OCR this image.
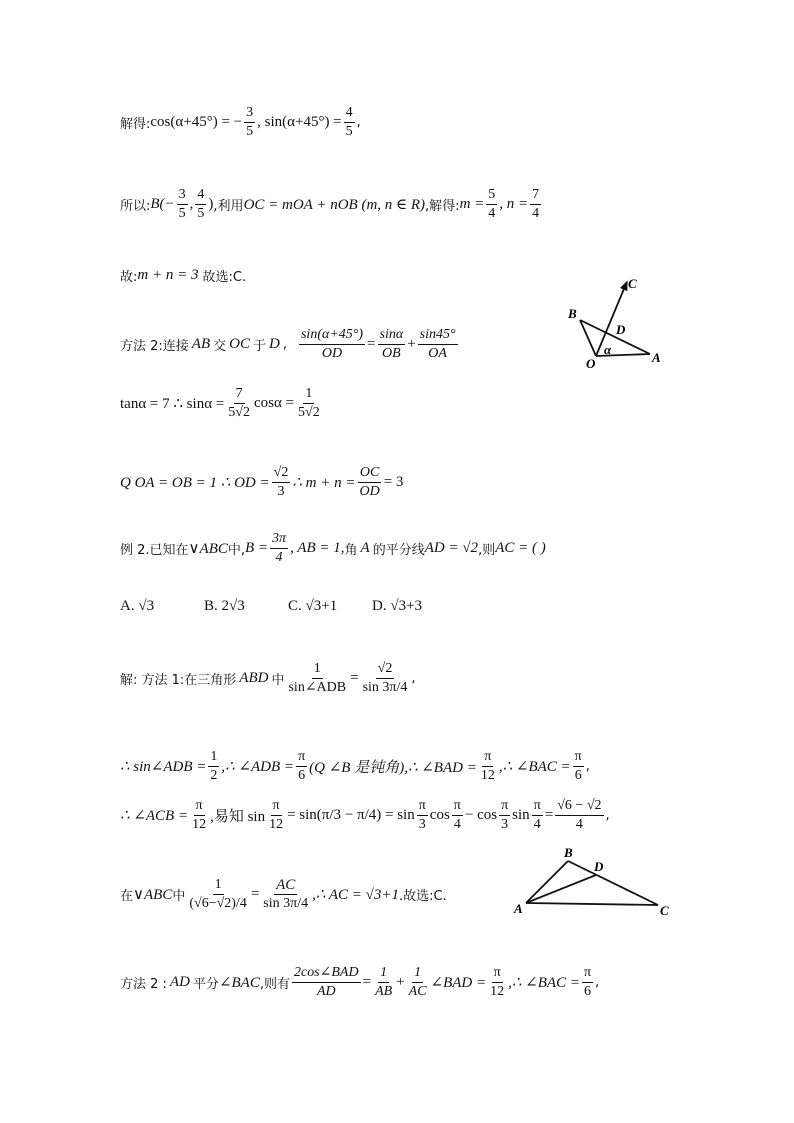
解得: cos(α+45°) = − $\frac{3}{5}$ , $\sin(\alpha+45^\circ) = \frac{4}{5}$ ,
所以: $B(- \frac{3}{5}$ , $\frac{4}{5}$ ) ,利用 OC = mOA + nOB (m, n ∈ R) ,解得: $m = \frac{5}{4}$ , $n = \frac{7}{4}$
故: m + n = 3 故选:C.
方法 2:连接 AB 交 OC 于 D , $\frac{\sin(\alpha+45^\circ)}{OD} = \frac{\sin\alpha}{OB} + \frac{\sin 45^\circ}{OA}$
C
B
D
O	A
α
tanα = 7 ∴ $\sin\alpha = \frac{7}{5√2}$ $\cos\alpha = \frac{1}{5√2}$
Q OA = OB = 1 ∴ OD = $\frac{√2}{3}$ ∴ $m + n = \frac{OC}{OD} = 3$
例 2.已知在 ∨ABC 中, $B = \frac{3\pi}{4}$ , AB = 1, 角 A 的平分线 AD = √2 ,则 AC = ( )
A. √3	B. 2√3	C. √3+1	D. √3+3
解: 方法 1:在三角形 ABD 中 $\frac{1}{\text{sin∠ADB}} = \frac{√2}{\sin 3\pi/4}$ ,
∴ sin∠ADB = $\frac{1}{2}$ ,∴ ∠ADB = $\frac{\pi}{6} (Q$ ∠B 是钝角),∴ ∠BAD = $\frac{\pi}{12}$ ,∴ ∠BAC = $\frac{\pi}{6}$ ,
∴ ∠ACB = $\frac{\pi}{12}$ ,易知 $\sin \frac{\pi}{12} = \sin(\pi/3 - \pi/4) = \sin \frac{\pi}{3}$ $\cos \frac{\pi}{4} - \cos \frac{\pi}{3}$ $\sin \frac{\pi}{4} = \frac{√6 - √2}{4}$ ,
在 ∨ABC 中 $\frac{1}{(√6-√2)/4} = \frac{AC}{\sin 3\pi/4}$ ,∴ AC = √3+1 .故选:C.
B
D
A	C
方法 2 : AD 平分 ∠BAC ,则有 $\frac{\text{2cos∠BAD}}{AD} = \frac{1}{AB} + \frac{1}{AC}$ ∠BAD = $\frac{\pi}{12}$ ,∴ ∠BAC = $\frac{\pi}{6}$ ,
